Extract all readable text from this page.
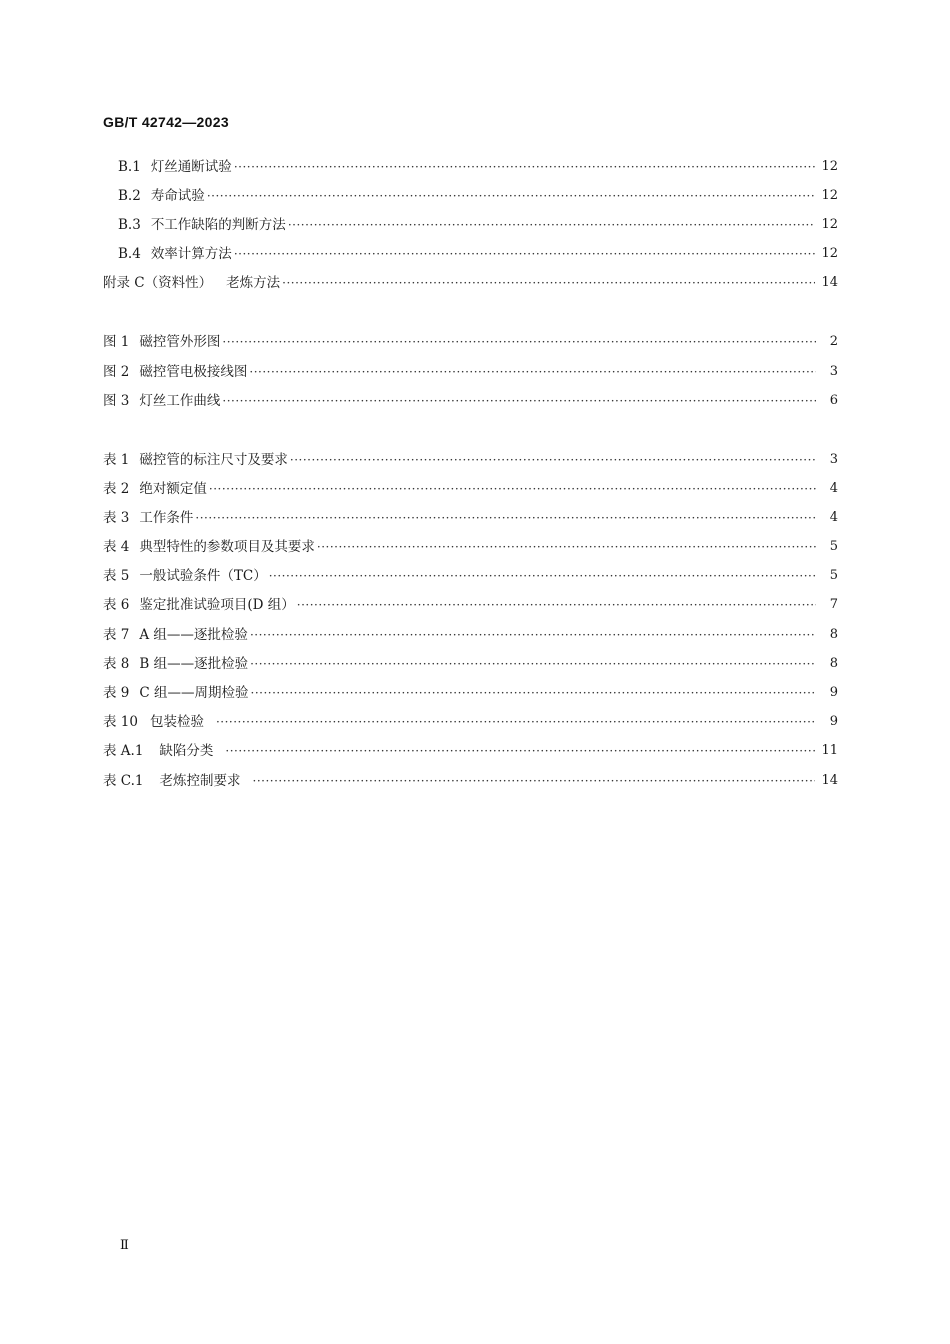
GB/T 42742—2023
B.1 灯丝通断试验 ·····	12
B.2 寿命试验 ·····	12
B.3 不工作缺陷的判断方法 ·····	12
B.4 效率计算方法 ·····	12
附录 C（资料性）	老炼方法 ·····	14
图 1 磁控管外形图 ·····	2
图 2 磁控管电极接线图 ·····	3
图 3 灯丝工作曲线 ·····	6
表 1 磁控管的标注尺寸及要求 ·····	3
表 2 绝对额定值 ·····	4
表 3 工作条件 ·····	4
表 4 典型特性的参数项目及其要求 ·····	5
表 5 一般试验条件（TC） ·····	5
表 6 鉴定批准试验项目(D 组） ·····	7
表 7 A 组——逐批检验 ·····	8
表 8 B 组——逐批检验 ·····	8
表 9 C 组——周期检验 ·····	9
表 10 包装检验 ·····	9
表 A.1	缺陷分类 ·····	11
表 C.1	老炼控制要求 ·····	14
Ⅱ
